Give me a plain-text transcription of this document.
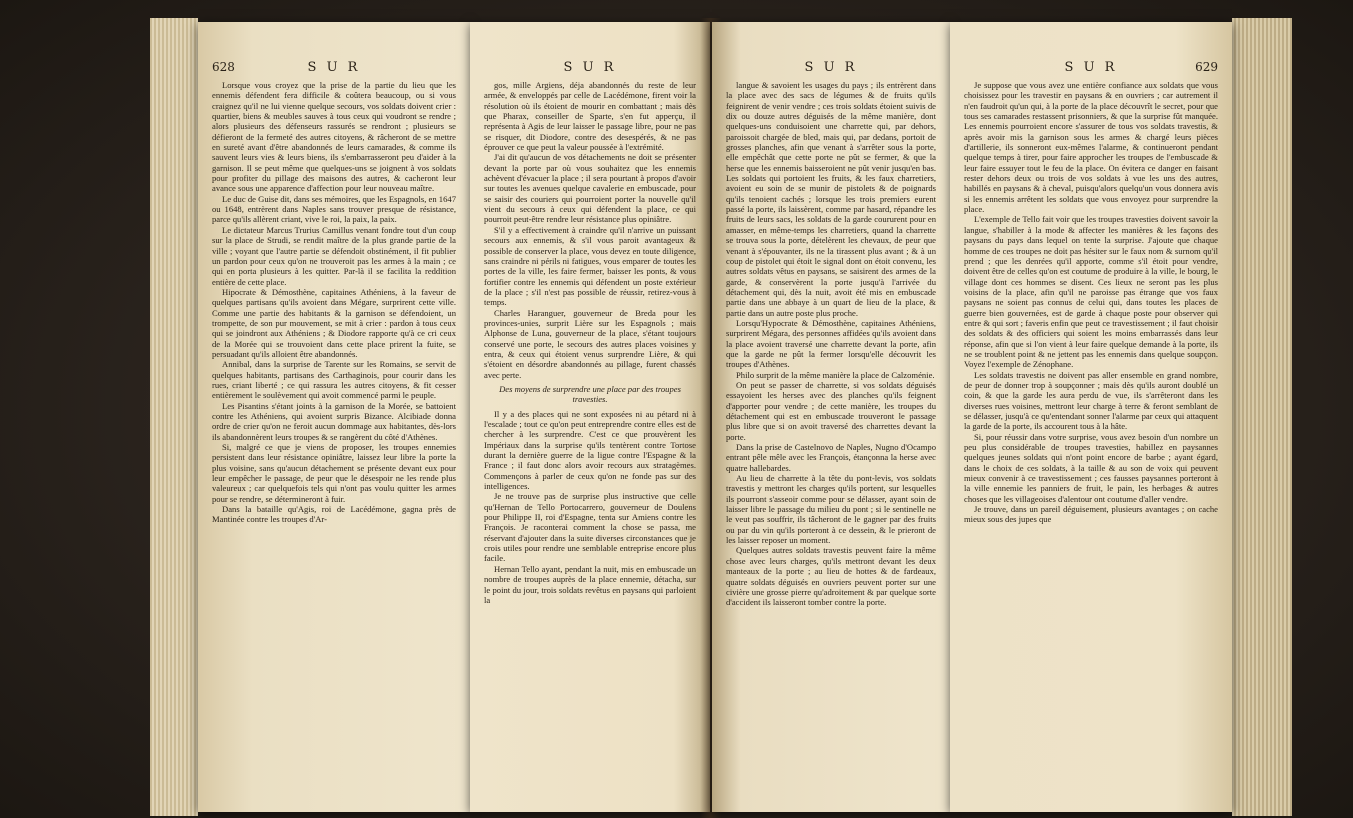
628	S U R

Lorsque vous croyez que la prise de la partie du lieu que les ennemis défendent fera difficile & coûtera beaucoup, ou si vous craignez qu'il ne lui vienne quelque secours, vos soldats doivent crier : quartier, biens & meubles sauves à tous ceux qui voudront se rendre ; alors plusieurs des défenseurs rassurés se rendront ; plusieurs se défieront de la fermeté des autres citoyens, & râcheront de se mettre en sureté avant d'être abandonnés de leurs camarades, & comme ils sauvent leurs vies & leurs biens, ils s'embarrasseront peu d'aider à la garnison. Il se peut même que quelques-uns se joignent à vos soldats pour profiter du pillage des maisons des autres, & cacheront leur avance sous une apparence d'affection pour leur nouveau maître.

Le duc de Guise dit, dans ses mémoires, que les Espagnols, en 1647 ou 1648, entrèrent dans Naples sans trouver presque de résistance, parce qu'ils allèrent criant, vive le roi, la paix, la paix.

Le dictateur Marcus Trurius Camillus venant fondre tout d'un coup sur la place de Strudi, se rendit maître de la plus grande partie de la ville ; voyant que l'autre partie se défendoit obstinément, il fit publier un pardon pour ceux qu'on ne trouveroit pas les armes à la main ; ce qui en porta plusieurs à les quitter. Par-là il se facilita la reddition entière de cette place.

Hipocrate & Démosthène, capitaines Athéniens, à la faveur de quelques partisans qu'ils avoient dans Mégare, surprirent cette ville. Comme une partie des habitants & la garnison se défendoient, un trompette, de son pur mouvement, se mit à crier : pardon à tous ceux qui se joindront aux Athéniens ; & Diodore rapporte qu'à ce cri ceux de la Morée qui se trouvoient dans cette place prirent la fuite, se persuadant qu'ils alloient être abandonnés.

Annibal, dans la surprise de Tarente sur les Romains, se servit de quelques habitants, partisans des Carthaginois, pour courir dans les rues, criant liberté ; ce qui rassura les autres citoyens, & fit cesser entièrement le soulèvement qui avoit commencé parmi le peuple.

Les Pisantins s'étant joints à la garnison de la Morée, se battoient contre les Athéniens, qui avoient surpris Bizance. Alcibiade donna ordre de crier qu'on ne feroit aucun dommage aux habitantes, dès-lors ils abandonnèrent leurs troupes & se rangèrent du côté d'Athènes.

Si, malgré ce que je viens de proposer, les troupes ennemies persistent dans leur résistance opiniâtre, laissez leur libre la porte la plus voisine, sans qu'aucun détachement se présente devant eux pour leur empêcher le passage, de peur que le désespoir ne les rende plus valeureux ; car quelquefois tels qui n'ont pas voulu quitter les armes pour se rendre, se détermineront à fuir.

Dans la bataille qu'Agis, roi de Lacédémone, gagna près de Mantinée contre les troupes d'Ar-

S U R

gos, mille Argiens, déja abandonnés du reste de leur armée, & enveloppés par celle de Lacédémone, firent voir la résolution où ils étoient de mourir en combattant ; mais dès que Pharax, conseiller de Sparte, s'en fut apperçu, il représenta à Agis de leur laisser le passage libre, pour ne pas se risquer, dit Diodore, contre des desespérés, & ne pas éprouver ce que peut la valeur poussée à l'extrémité.

J'ai dit qu'aucun de vos détachements ne doit se présenter devant la porte par où vous souhaitez que les ennemis achèvent d'évacuer la place ; il sera pourtant à propos d'avoir sur toutes les avenues quelque cavalerie en embuscade, pour se saisir des couriers qui pourroient porter la nouvelle qu'il vient du secours à ceux qui défendent la place, ce qui pourroit peut-être rendre leur résistance plus opiniâtre.

S'il y a effectivement à craindre qu'il n'arrive un puissant secours aux ennemis, & s'il vous paroit avantageux & possible de conserver la place, vous devez en toute diligence, sans craindre ni périls ni fatigues, vous emparer de toutes les portes de la ville, les faire fermer, baisser les ponts, & vous fortifier contre les ennemis qui défendent un poste extérieur de la place ; s'il n'est pas possible de réussir, retirez-vous à temps.

Charles Haranguer, gouverneur de Breda pour les provinces-unies, surprit Lière sur les Espagnols ; mais Alphonse de Luna, gouverneur de la place, s'étant toujours conservé une porte, le secours des autres places voisines y entra, & ceux qui étoient venus surprendre Lière, & qui s'étoient en désordre abandonnés au pillage, furent chassés avec perte.

Des moyens de surprendre une place par des troupes travesties.

Il y a des places qui ne sont exposées ni au pétard ni à l'escalade ; tout ce qu'on peut entreprendre contre elles est de chercher à les surprendre. C'est ce que prouvèrent les Impériaux dans la surprise qu'ils tentèrent contre Tortose durant la dernière guerre de la ligue contre l'Espagne & la France ; il faut donc alors avoir recours aux stratagèmes. Commençons à parler de ceux qu'on ne fonde pas sur des intelligences.

Je ne trouve pas de surprise plus instructive que celle qu'Hernan de Tello Portocarrero, gouverneur de Doulens pour Philippe II, roi d'Espagne, tenta sur Amiens contre les François. Je raconterai comment la chose se passa, me réservant d'ajouter dans la suite diverses circonstances que je crois utiles pour rendre une semblable entreprise encore plus facile.

Hernan Tello ayant, pendant la nuit, mis en embuscade un nombre de troupes auprès de la place ennemie, détacha, sur le point du jour, trois soldats revêtus en paysans qui parloient la

S U R

langue & savoient les usages du pays ; ils entrèrent dans la place avec des sacs de légumes & de fruits qu'ils feignirent de venir vendre ; ces trois soldats étoient suivis de dix ou douze autres déguisés de la même manière, dont quelques-uns conduisoient une charrette qui, par dehors, paroissoit chargée de bled, mais qui, par dedans, portoit de grosses planches, afin que venant à s'arrêter sous la porte, elle empêchât que cette porte ne pût se fermer, & que la herse que les ennemis baisseroient ne pût venir jusqu'en bas. Les soldats qui portoient les fruits, & les faux charretiers, avoient eu soin de se munir de pistolets & de poignards qu'ils tenoient cachés ; lorsque les trois premiers eurent passé la porte, ils laissèrent, comme par hasard, répandre les fruits de leurs sacs, les soldats de la garde coururent pour en amasser, en même-temps les charretiers, quand la charrette se trouva sous la porte, dételèrent les chevaux, de peur que venant à s'épouvanter, ils ne la tirassent plus avant ; & à un coup de pistolet qui étoit le signal dont on étoit convenu, les autres soldats vêtus en paysans, se saisirent des armes de la garde, & conservèrent la porte jusqu'à l'arrivée du détachement qui, dès la nuit, avoit été mis en embuscade partie dans une abbaye à un quart de lieu de la place, & partie dans un autre poste plus proche.

Lorsqu'Hypocrate & Démosthène, capitaines Athéniens, surprirent Mégara, des personnes affidées qu'ils avoient dans la place avoient traversé une charrette devant la porte, afin que la garde ne pût la fermer lorsqu'elle découvrit les troupes d'Athènes.

Philo surprit de la même manière la place de Calzoménie.

On peut se passer de charrette, si vos soldats déguisés essayoient les herses avec des planches qu'ils feignent d'apporter pour vendre ; de cette manière, les troupes du détachement qui est en embuscade trouveront le passage plus libre que si on avoit traversé des charrettes devant la porte.

Dans la prise de Castelnovo de Naples, Nugno d'Ocampo entrant pêle mêle avec les François, étançonna la herse avec quatre hallebardes.

Au lieu de charrette à la tête du pont-levis, vos soldats travestis y mettront les charges qu'ils portent, sur lesquelles ils pourront s'asseoir comme pour se délasser, ayant soin de laisser libre le passage du milieu du pont ; si le sentinelle ne le veut pas souffrir, ils tâcheront de le gagner par des fruits ou par du vin qu'ils porteront à ce dessein, & le prieront de les laisser reposer un moment.

Quelques autres soldats travestis peuvent faire la même chose avec leurs charges, qu'ils mettront devant les deux manteaux de la porte ; au lieu de hottes & de fardeaux, quatre soldats déguisés en ouvriers peuvent porter sur une civière une grosse pierre qu'adroitement & par quelque sorte d'accident ils laisseront tomber contre la porte.

S U R	629

Je suppose que vous avez une entière confiance aux soldats que vous choisissez pour les travestir en paysans & en ouvriers ; car autrement il n'en faudroit qu'un qui, à la porte de la place découvrît le secret, pour que tous ses camarades restassent prisonniers, & que la surprise fût manquée. Les ennemis pourroient encore s'assurer de tous vos soldats travestis, & après avoir mis la garnison sous les armes & chargé leurs pièces d'artillerie, ils sonneront eux-mêmes l'alarme, & continueront pendant quelque temps à tirer, pour faire approcher les troupes de l'embuscade & leur faire essuyer tout le feu de la place. On évitera ce danger en faisant rester dehors deux ou trois de vos soldats à vue les uns des autres, habillés en paysans & à cheval, puisqu'alors quelqu'un vous donnera avis si les ennemis arrêtent les soldats que vous envoyez pour surprendre la place.

L'exemple de Tello fait voir que les troupes travesties doivent savoir la langue, s'habiller à la mode & affecter les manières & les façons des paysans du pays dans lequel on tente la surprise. J'ajoute que chaque homme de ces troupes ne doit pas hésiter sur le faux nom & surnom qu'il prend ; que les denrées qu'il apporte, comme s'il étoit pour vendre, doivent être de celles qu'on est coutume de produire à la ville, le bourg, le village dont ces hommes se disent. Ces lieux ne seront pas les plus voisins de la place, afin qu'il ne paroisse pas étrange que vos faux paysans ne soient pas connus de celui qui, dans toutes les places de guerre bien gouvernées, est de garde à chaque poste pour observer qui entre & qui sort ; faveris enfin que peut ce travestissement ; il faut choisir des soldats & des officiers qui soient les moins embarrassés dans leur réponse, afin que si l'on vient à leur faire quelque demande à la porte, ils ne se troublent point & ne jettent pas les ennemis dans quelque soupçon. Voyez l'exemple de Zénophane.

Les soldats travestis ne doivent pas aller ensemble en grand nombre, de peur de donner trop à soupçonner ; mais dès qu'ils auront doublé un coin, & que la garde les aura perdu de vue, ils s'arrêteront dans les diverses rues voisines, mettront leur charge à terre & feront semblant de se délasser, jusqu'à ce qu'entendant sonner l'alarme par ceux qui attaquent la garde de la porte, ils accourent tous à la hâte.

Si, pour réussir dans votre surprise, vous avez besoin d'un nombre un peu plus considérable de troupes travesties, habillez en paysannes quelques jeunes soldats qui n'ont point encore de barbe ; ayant égard, dans le choix de ces soldats, à la taille & au son de voix qui peuvent mieux convenir à ce travestissement ; ces fausses paysannes porteront à la ville ennemie les panniers de fruit, le pain, les herbages & autres choses que les villageoises d'alentour ont coutume d'aller vendre.

Je trouve, dans un pareil déguisement, plusieurs avantages ; on cache mieux sous des jupes que
